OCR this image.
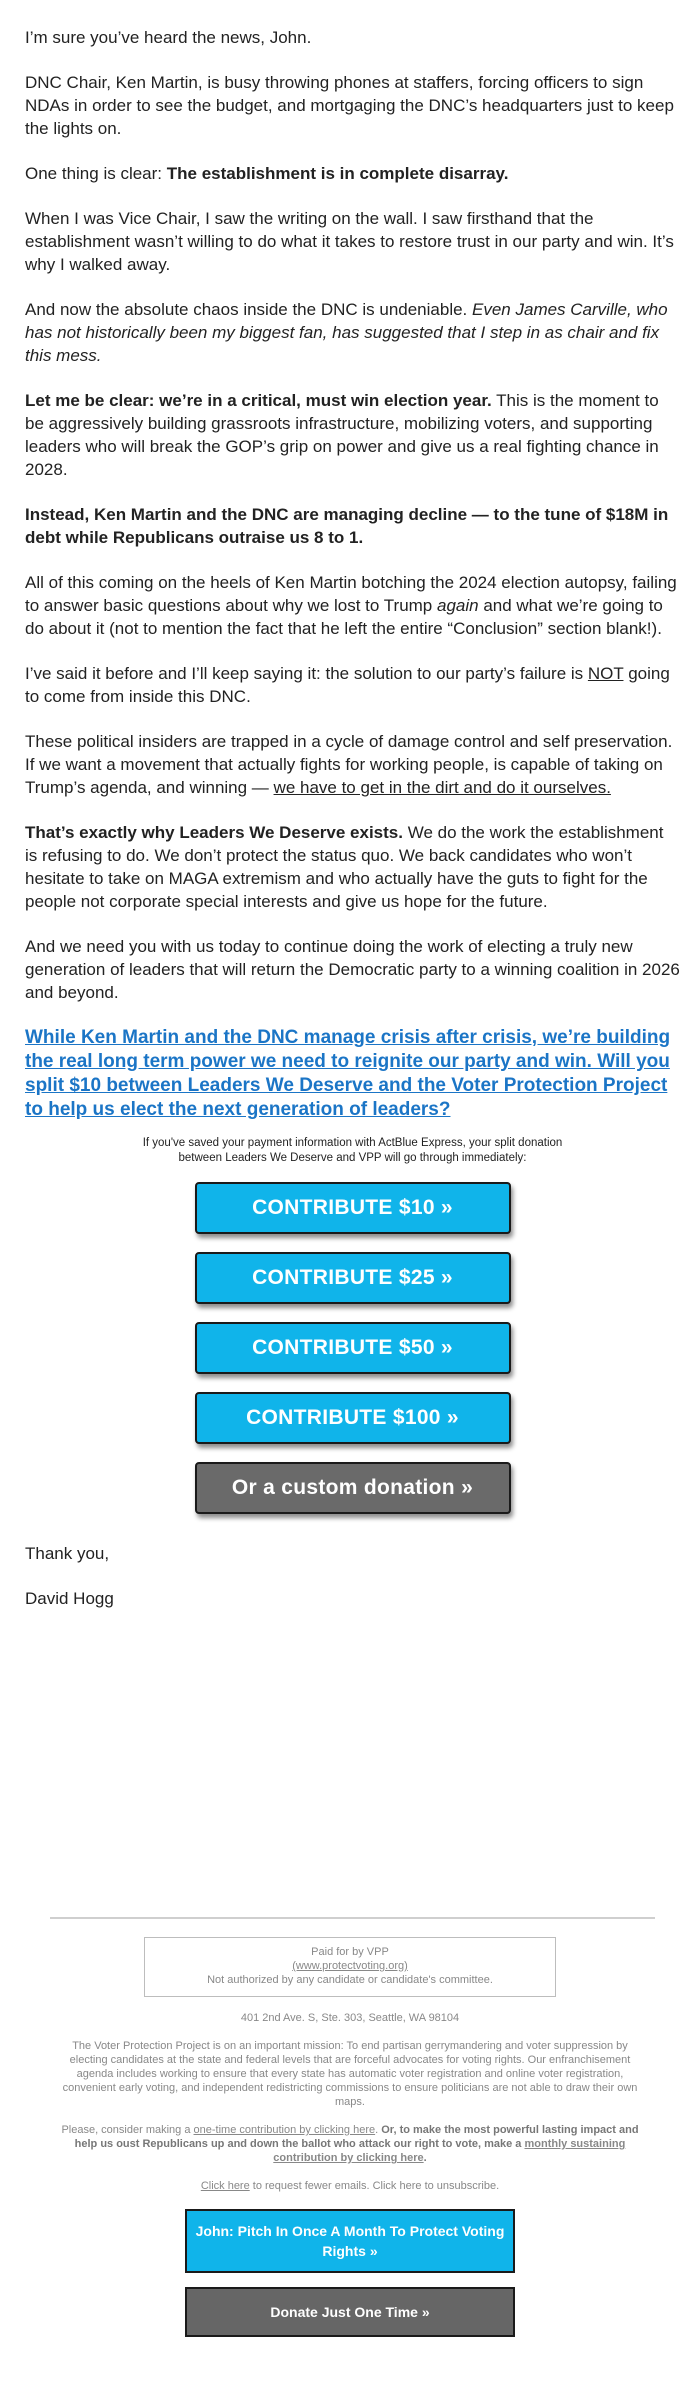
I’m sure you’ve heard the news, John.

DNC Chair, Ken Martin, is busy throwing phones at staffers, forcing officers to sign NDAs in order to see the budget, and mortgaging the DNC’s headquarters just to keep the lights on.

One thing is clear: The establishment is in complete disarray.

When I was Vice Chair, I saw the writing on the wall. I saw firsthand that the establishment wasn’t willing to do what it takes to restore trust in our party and win. It’s why I walked away.

And now the absolute chaos inside the DNC is undeniable. Even James Carville, who has not historically been my biggest fan, has suggested that I step in as chair and fix this mess.

Let me be clear: we’re in a critical, must win election year. This is the moment to be aggressively building grassroots infrastructure, mobilizing voters, and supporting leaders who will break the GOP’s grip on power and give us a real fighting chance in 2028.

Instead, Ken Martin and the DNC are managing decline — to the tune of $18M in debt while Republicans outraise us 8 to 1.

All of this coming on the heels of Ken Martin botching the 2024 election autopsy, failing to answer basic questions about why we lost to Trump again and what we’re going to do about it (not to mention the fact that he left the entire “Conclusion” section blank!).

I’ve said it before and I’ll keep saying it: the solution to our party’s failure is NOT going to come from inside this DNC.

These political insiders are trapped in a cycle of damage control and self preservation. If we want a movement that actually fights for working people, is capable of taking on Trump’s agenda, and winning — we have to get in the dirt and do it ourselves.

That’s exactly why Leaders We Deserve exists. We do the work the establishment is refusing to do. We don’t protect the status quo. We back candidates who won’t hesitate to take on MAGA extremism and who actually have the guts to fight for the people not corporate special interests and give us hope for the future.

And we need you with us today to continue doing the work of electing a truly new generation of leaders that will return the Democratic party to a winning coalition in 2026 and beyond.

While Ken Martin and the DNC manage crisis after crisis, we’re building the real long term power we need to reignite our party and win. Will you split $10 between Leaders We Deserve and the Voter Protection Project to help us elect the next generation of leaders?

If you've saved your payment information with ActBlue Express, your split donation between Leaders We Deserve and VPP will go through immediately:

CONTRIBUTE $10 »
CONTRIBUTE $25 »
CONTRIBUTE $50 »
CONTRIBUTE $100 »
Or a custom donation »

Thank you,

David Hogg

Paid for by VPP
(www.protectvoting.org)
Not authorized by any candidate or candidate's committee.

401 2nd Ave. S, Ste. 303, Seattle, WA 98104

The Voter Protection Project is on an important mission: To end partisan gerrymandering and voter suppression by electing candidates at the state and federal levels that are forceful advocates for voting rights. Our enfranchisement agenda includes working to ensure that every state has automatic voter registration and online voter registration, convenient early voting, and independent redistricting commissions to ensure politicians are not able to draw their own maps.

Please, consider making a one-time contribution by clicking here. Or, to make the most powerful lasting impact and help us oust Republicans up and down the ballot who attack our right to vote, make a monthly sustaining contribution by clicking here.

Click here to request fewer emails. Click here to unsubscribe.

John: Pitch In Once A Month To Protect Voting Rights »
Donate Just One Time »
